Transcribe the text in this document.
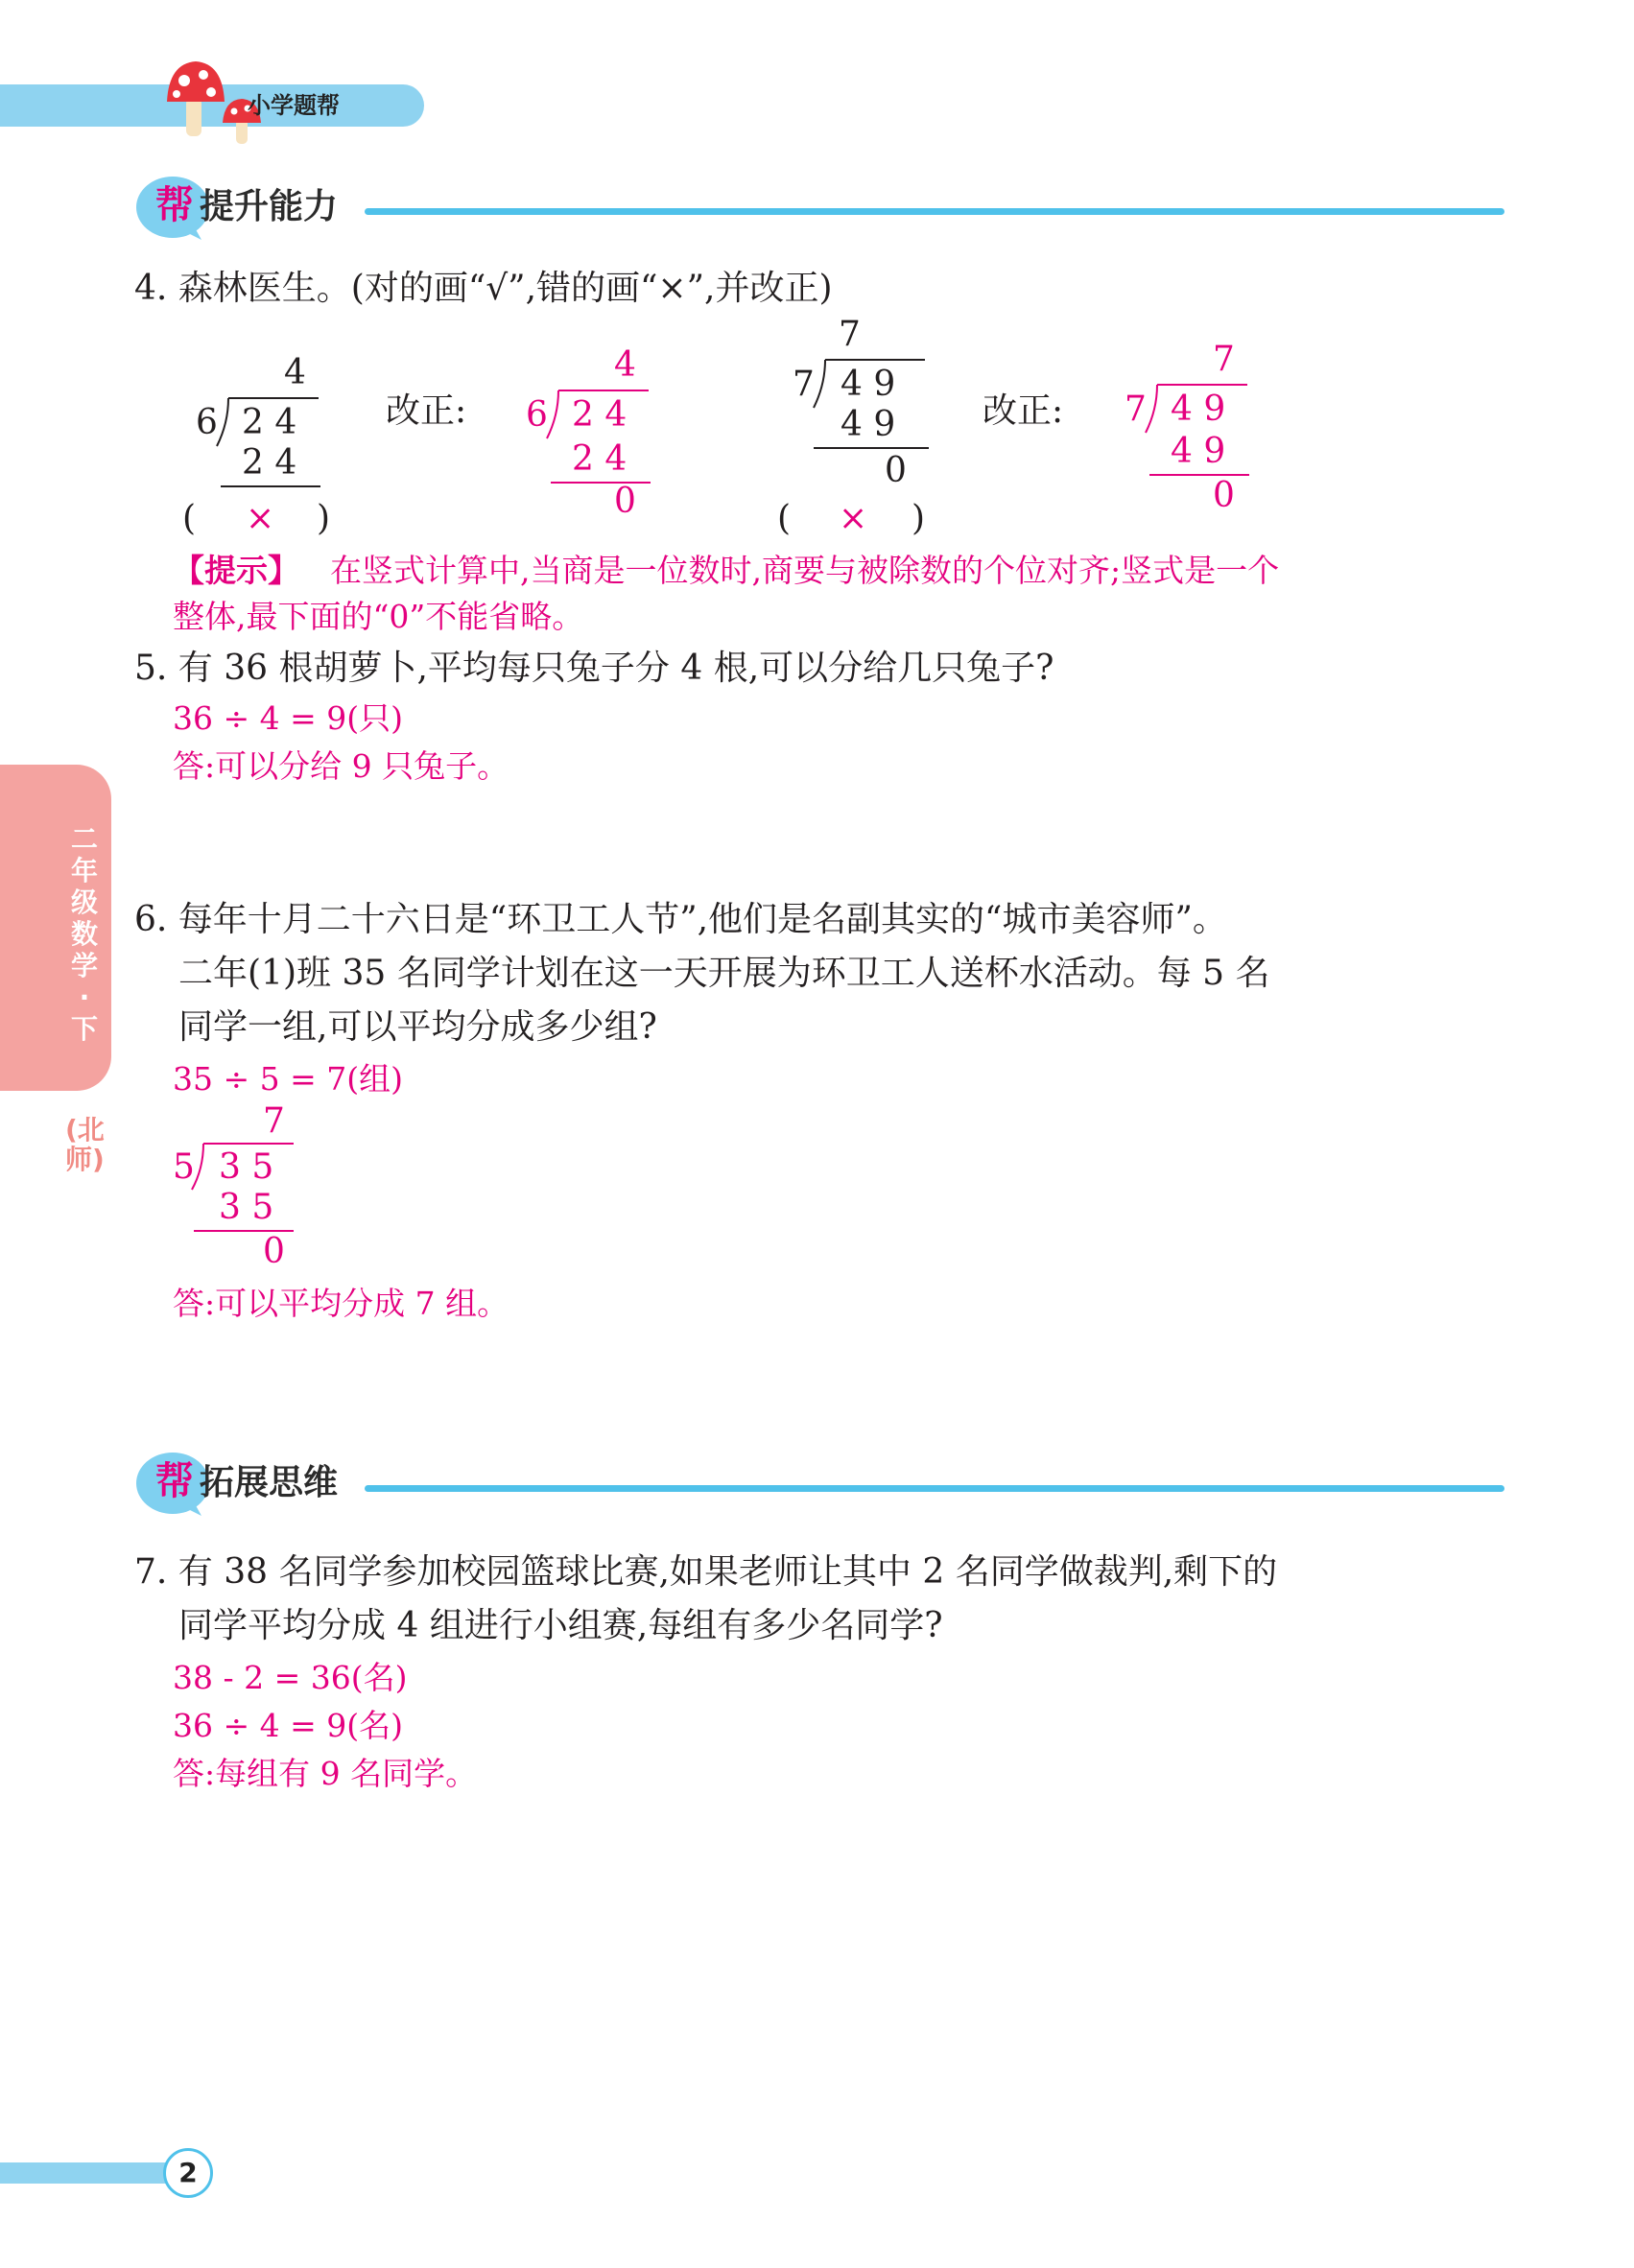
小学题帮
帮 提升能力
二年级数学·下
(北师)
4. 森林医生。(对的画“√”,错的画“×”,并改正)
4
6 2 4
2 4
( × )
改正:
4
6 2 4
2 4
0
7
7 4 9
4 9
0
( × )
改正:
7
7 4 9
4 9
0
【提示】 在竖式计算中,当商是一位数时,商要与被除数的个位对齐;竖式是一个
整体,最下面的“0”不能省略。
5. 有 36 根胡萝卜,平均每只兔子分 4 根,可以分给几只兔子?
36 ÷ 4 = 9(只)
答:可以分给 9 只兔子。
6. 每年十月二十六日是“环卫工人节”,他们是名副其实的“城市美容师”。
二年(1)班 35 名同学计划在这一天开展为环卫工人送杯水活动。每 5 名
同学一组,可以平均分成多少组?
35 ÷ 5 = 7(组)
7
5 3 5
3 5
0
答:可以平均分成 7 组。
帮 拓展思维
7. 有 38 名同学参加校园篮球比赛,如果老师让其中 2 名同学做裁判,剩下的
同学平均分成 4 组进行小组赛,每组有多少名同学?
38 - 2 = 36(名)
36 ÷ 4 = 9(名)
答:每组有 9 名同学。
2
